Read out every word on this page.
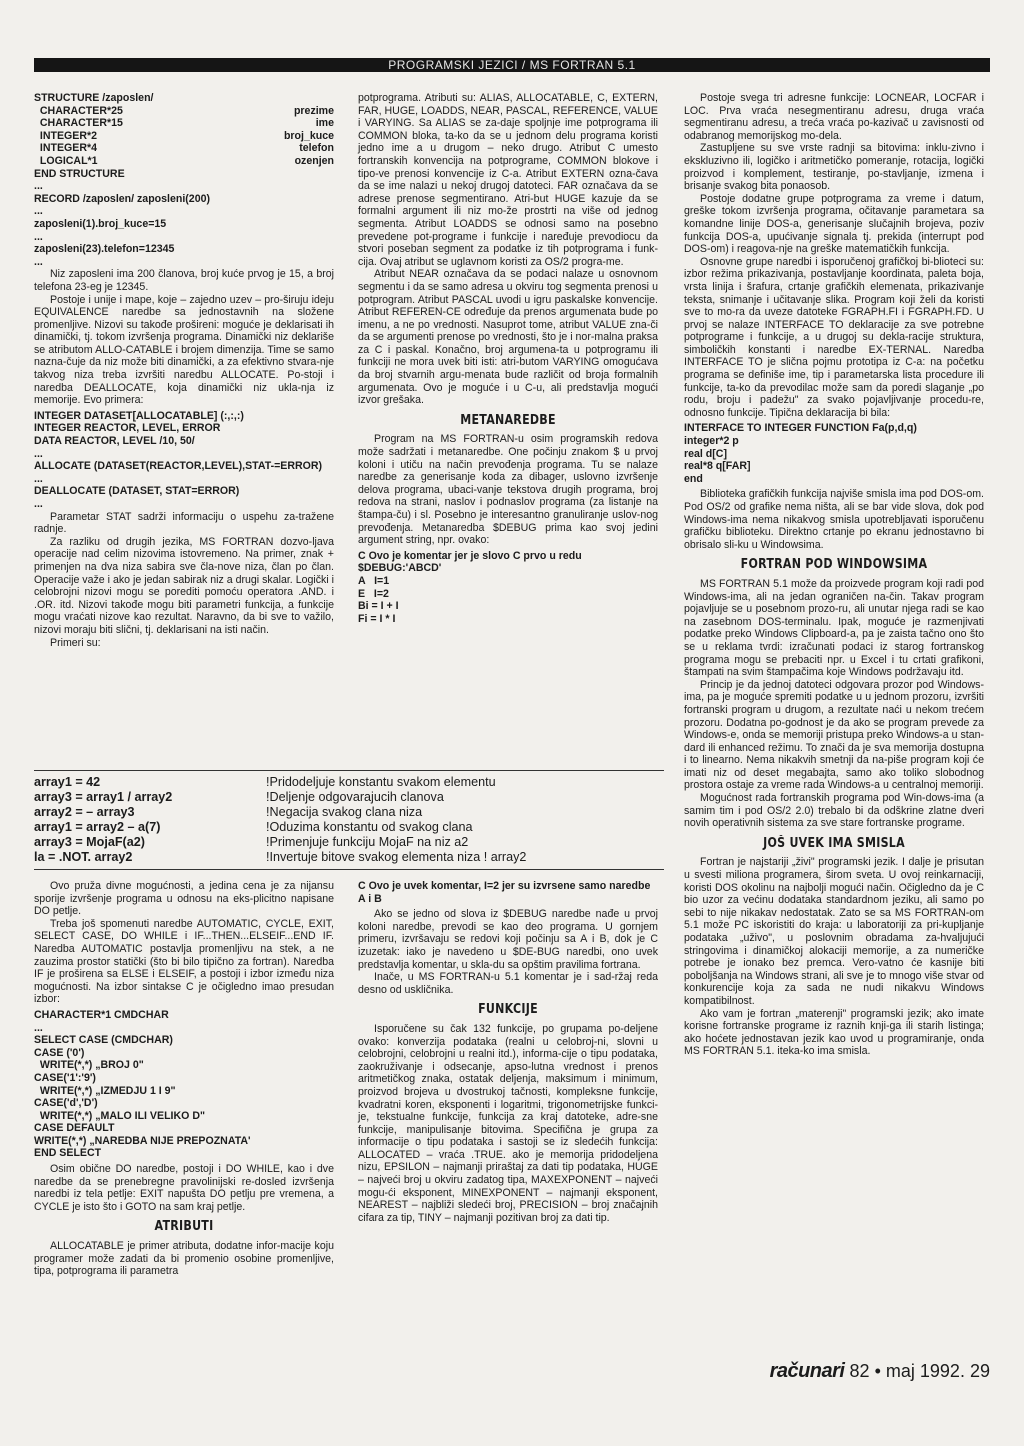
PROGRAMSKI JEZICI / MS FORTRAN 5.1
STRUCTURE /zaposlen/
CHARACTER*25	prezime
CHARACTER*15	ime
INTEGER*2	broj_kuce
INTEGER*4	telefon
LOGICAL*1	ozenjen
END STRUCTURE
...
RECORD /zaposlen/ zaposleni(200)
...
zaposleni(1).broj_kuce=15
...
zaposleni(23).telefon=12345
...

Niz zaposleni ima 200 članova, broj kuće prvog je 15, a broj telefona 23-eg je 12345.

Postoje i unije i mape, koje – zajedno uzev – pro-širuju ideju EQUIVALENCE naredbe sa jednostavnih na složene promenljive. Nizovi su takođe prošireni: moguće je deklarisati ih dinamički, tj. tokom izvršenja programa. Dinamički niz deklariše se atributom ALLO-CATABLE i brojem dimenzija. Time se samo nazna-čuje da niz može biti dinamički, a za efektivno stvara-nje takvog niza treba izvršiti naredbu ALLOCATE. Po-stoji i naredba DEALLOCATE, koja dinamički niz ukla-nja iz memorije. Evo primera:

INTEGER DATASET[ALLOCATABLE] (:,:,:)
INTEGER REACTOR, LEVEL, ERROR
DATA REACTOR, LEVEL /10, 50/
...
ALLOCATE (DATASET(REACTOR,LEVEL),STAT-=ERROR)
...
DEALLOCATE (DATASET, STAT=ERROR)
...

Parametar STAT sadrži informaciju o uspehu za-traženе radnje.

Za razliku od drugih jezika, MS FORTRAN dozvo-ljava operacije nad celim nizovima istovremeno. Na primer, znak + primenjen na dva niza sabira sve čla-nove niza, član po član. Operacije važe i ako je jedan sabirak niz a drugi skalar. Logički i celobrojni nizovi mogu se porediti pomoću operatora .AND. i .OR. itd. Nizovi takođe mogu biti parametri funkcija, a funkcije mogu vraćati nizove kao rezultat. Naravno, da bi sve to važilo, nizovi moraju biti slični, tj. deklarisani na isti način.

Primeri su:

array1 = 42	!Pridodeljuje konstantu svakom elementu
array3 = array1 / array2	!Deljenje odgovarajucih clanova
array2 = – array3	!Negacija svakog clana niza
array1 = array2 – a(7)	!Oduzima konstantu od svakog clana
array3 = MojaF(a2)	!Primenjuje funkciju MojaF na niz a2
la = .NOT. array2	!Invertuje bitove svakog elementa niza ! array2

Ovo pruža divne mogućnosti, a jedina cena je za nijansu sporije izvršenje programa u odnosu na eks-plicitno napisane DO petlje.

Treba još spomenuti naredbe AUTOMATIC, CYCLE, EXIT, SELECT CASE, DO WHILE i IF...THEN...ELSEIF...END IF. Naredba AUTOMATIC postavlja promenljivu na stek, a ne zauzima prostor statički (što bi bilo tipično za fortran). Naredba IF je proširena sa ELSE i ELSEIF, a postoji i izbor između niza mogućnosti. Na izbor sintakse C je očigledno imao presudan izbor:

CHARACTER*1 CMDCHAR
...
SELECT CASE (CMDCHAR)
CASE ('0')
WRITE(*,*) „BROJ 0"
CASE('1':'9')
WRITE(*,*) „IZMEDJU 1 I 9"
CASE('d','D')
WRITE(*,*) „MALO ILI VELIKO D"
CASE DEFAULT
WRITE(*,*) „NAREDBA NIJE PREPOZNATA'
END SELECT

Osim obične DO naredbe, postoji i DO WHILE, kao i dve naredbe da se prenebregne pravolinijski re-dosled izvršenja naredbi iz tela petlje: EXIT napušta DO petlju pre vremena, a CYCLE je isto što i GOTO na sam kraj petlje.

ATRIBUTI

ALLOCATABLE je primer atributa, dodatne infor-macije koju programer može zadati da bi promenio osobine promenljive, tipa, potprograma ili parametra

potprograma. Atributi su: ALIAS, ALLOCATABLE, C, EXTERN, FAR, HUGE, LOADDS, NEAR, PASCAL, REFERENCE, VALUE i VARYING. Sa ALIAS se za-daje spoljnje ime potprograma ili COMMON bloka, ta-ko da se u jednom delu programa koristi jedno ime a u drugom – neko drugo. Atribut C umesto fortranskih konvencija na potprograme, COMMON blokove i tipo-ve prenosi konvencije iz C-a. Atribut EXTERN ozna-čava da se ime nalazi u nekoj drugoj datoteci. FAR označava da se adrese prenose segmentirano. Atri-but HUGE kazuje da se formalni argument ili niz mo-že prostrti na više od jednog segmenta. Atribut LOADDS se odnosi samo na posebno prevedene pot-programe i funkcije i naređuje prevodiocu da stvori poseban segment za podatke iz tih potprograma i funk-cija. Ovaj atribut se uglavnom koristi za OS/2 progra-me.

Atribut NEAR označava da se podaci nalaze u osnovnom segmentu i da se samo adresa u okviru tog segmenta prenosi u potprogram. Atribut PASCAL uvodi u igru paskalske konvencije. Atribut REFEREN-CE određuje da prenos argumenata bude po imenu, a ne po vrednosti. Nasuprot tome, atribut VALUE zna-či da se argumenti prenose po vrednosti, što je i nor-malna praksa za C i paskal. Konačno, broj argumena-ta u potprogramu ili funkciji ne mora uvek biti isti: atri-butom VARYING omogućava da broj stvarnih argu-menata bude različit od broja formalnih argumenata. Ovo je moguće i u C-u, ali predstavlja mogući izvor grešaka.

METANAREDBE

Program na MS FORTRAN-u osim programskih redova može sadržati i metanaredbe. One počinju znakom $ u prvoj koloni i utiču na način prevođenja programa. Tu se nalaze naredbe za generisanje koda za dibager, uslovno izvršenje delova programa, ubaci-vanje tekstova drugih programa, broj redova na strani, naslov i podnaslov programa (za listanje na štampa-ču) i sl. Posebno je interesantno granuliranje uslov-nog prevođenja. Metanaredba $DEBUG prima kao svoj jedini argument string, npr. ovako:

C Ovo je komentar jer je slovo C prvo u redu
$DEBUG:'ABCD'
A   I=1
E   I=2
Bi = I + I
Fi = I * I
C Ovo je uvek komentar, I=2 jer su izvrsene samo naredbe A i B

Ako se jedno od slova iz $DEBUG naredbe nađe u prvoj koloni naredbe, prevodi se kao deo programa. U gornjem primeru, izvršavaju se redovi koji počinju sa A i B, dok je C izuzetak: iako je navedeno u $DE-BUG naredbi, ono uvek predstavlja komentar, u skla-du sa opštim pravilima fortrana.

Inače, u MS FORTRAN-u 5.1 komentar je i sad-ržaj reda desno od uskličnika.

FUNKCIJE

Isporučene su čak 132 funkcije, po grupama po-deljene ovako: konverzija podataka (realni u celobroj-ni, slovni u celobrojni, celobrojni u realni itd.), informa-cije o tipu podataka, zaokruživanje i odsecanje, apso-lutna vrednost i prenos aritmetičkog znaka, ostatak deljenja, maksimum i minimum, proizvod brojeva u dvostrukoj tačnosti, kompleksne funkcije, kvadratni koren, eksponenti i logaritmi, trigonometrijske funkci-je, tekstualne funkcije, funkcija za kraj datoteke, adre-sne funkcije, manipulisanje bitovima. Specifična je grupa za informacije o tipu podataka i sastoji se iz sledećih funkcija: ALLOCATED – vraća .TRUE. ako je memorija pridodeljena nizu, EPSILON – najmanji priraštaj za dati tip podataka, HUGE – najveći broj u okviru zadatog tipa, MAXEXPONENT – najveći mogu-ći eksponent, MINEXPONENT – najmanji eksponent, NEAREST – najbliži sledeći broj, PRECISION – broj značajnih cifara za tip, TINY – najmanji pozitivan broj za dati tip.

Postoje svega tri adresne funkcije: LOCNEAR, LOCFAR i LOC. Prva vraća nesegmentiranu adresu, druga vraća segmentiranu adresu, a treća vraća po-kazivač u zavisnosti od odabranog memorijskog mo-dela.

Zastupljene su sve vrste radnji sa bitovima: inklu-zivno i ekskluzivno ili, logičko i aritmetičko pomeranje, rotacija, logički proizvod i komplement, testiranje, po-stavljanje, izmena i brisanje svakog bita ponaosob.

Postoje dodatne grupe potprograma za vreme i datum, greške tokom izvršenja programa, očitavanje parametara sa komandne linije DOS-a, generisanje slučajnih brojeva, poziv funkcija DOS-a, upućivanje signala tj. prekida (interrupt pod DOS-om) i reagova-nje na greške matematičkih funkcija.

Osnovne grupe naredbi i isporučenoj grafičkoj bi-blioteci su: izbor režima prikazivanja, postavljanje koordinata, paleta boja, vrsta linija i šrafura, crtanje grafičkih elemenata, prikazivanje teksta, snimanje i učitavanje slika. Program koji želi da koristi sve to mo-ra da uveze datoteke FGRAPH.FI i FGRAPH.FD. U prvoj se nalaze INTERFACE TO deklaracije za sve potrebne potprograme i funkcije, a u drugoj su dekla-racije struktura, simboličkih konstanti i naredbe EX-TERNAL. Naredba INTERFACE TO je slična pojmu prototipa iz C-a: na početku programa se definiše ime, tip i parametarska lista procedure ili funkcije, ta-ko da prevodilac može sam da poredi slaganje „po rodu, broju i padežu" za svako pojavljivanje procedu-re, odnosno funkcije. Tipična deklaracija bi bila:

INTERFACE TO INTEGER FUNCTION Fa(p,d,q)
integer*2 p
real d[C]
real*8 q[FAR]
end

Biblioteka grafičkih funkcija najviše smisla ima pod DOS-om. Pod OS/2 od grafike nema ništa, ali se bar vide slova, dok pod Windows-ima nema nikakvog smisla upotrebljavati isporučenu grafičku biblioteku. Direktno crtanje po ekranu jednostavno bi obrisalo sli-ku u Windowsima.

FORTRAN POD WINDOWSIMA

MS FORTRAN 5.1 može da proizvede program koji radi pod Windows-ima, ali na jedan ograničen na-čin. Takav program pojavljuje se u posebnom prozo-ru, ali unutar njega radi se kao na zasebnom DOS-terminalu. Ipak, moguće je razmenjivati podatke preko Windows Clipboard-a, pa je zaista tačno ono što se u reklama tvrdi: izračunati podaci iz starog fortranskog programa mogu se prebaciti npr. u Excel i tu crtati grafikoni, štampati na svim štampačima koje Windows podržavaju itd.

Princip je da jednoj datoteci odgovara prozor pod Windows-ima, pa je moguće spremiti podatke u u jednom prozoru, izvršiti fortranski program u drugom, a rezultate naći u nekom trećem prozoru. Dodatna po-godnost je da ako se program prevede za Windows-e, onda se memoriji pristupa preko Windows-a u stan-dard ili enhanced režimu. To znači da je sva memorija dostupna i to linearno. Nema nikakvih smetnji da na-piše program koji će imati niz od deset megabajta, samo ako toliko slobodnog prostora ostaje za vreme rada Windows-a u centralnoj memoriji.

Mogućnost rada fortranskih programa pod Win-dows-ima (a samim tim i pod OS/2 2.0) trebalo bi da odškrine zlatne dveri novih operativnih sistema za sve stare fortranske programe.

JOŠ UVEK IMA SMISLA

Fortran je najstariji „živi" programski jezik. I dalje je prisutan u svesti miliona programera, širom sveta. U ovoj reinkarnaciji, koristi DOS okolinu na najbolji mogući način. Očigledno da je C bio uzor za većinu dodataka standardnom jeziku, ali samo po sebi to nije nikakav nedostatak. Zato se sa MS FORTRAN-om 5.1 može PC iskoristiti do kraja: u laboratoriji za pri-kupljanje podataka „uživo", u poslovnim obradama za-hvaljujući stringovima i dinamičkoj alokaciji memorije, a za numeričke potrebe je ionako bez premca. Vero-vatno će kasnije biti poboljšanja na Windows strani, ali sve je to mnogo više stvar od konkurencije koja za sada ne nudi nikakvu Windows kompatibilnost.

Ako vam je fortran „materenji" programski jezik; ako imate korisne fortranske programe iz raznih knji-ga ili starih listinga; ako hoćete jednostavan jezik kao uvod u programiranje, onda MS FORTRAN 5.1. iteka-ko ima smisla.

računari 82 • maj 1992. 29
